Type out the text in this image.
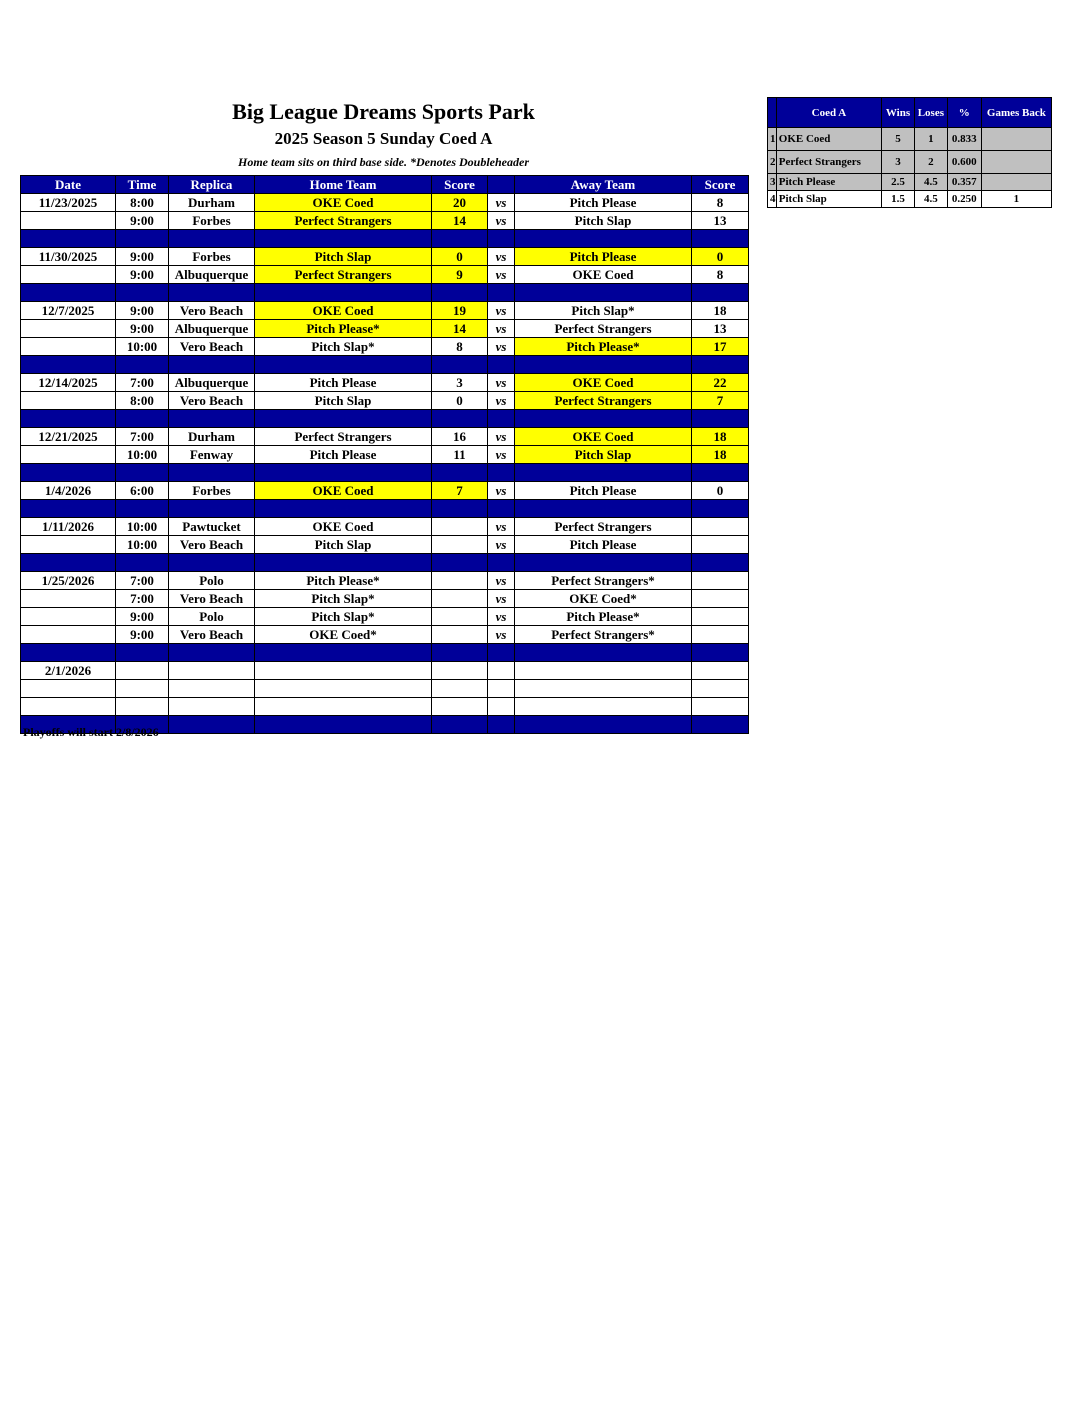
Big League Dreams Sports Park
2025 Season 5 Sunday Coed A
Home team sits on third base side. *Denotes Doubleheader
Date	Time	Replica	Home Team	Score		Away Team	Score
11/23/2025	8:00	Durham	OKE Coed	20	vs	Pitch Please	8
	9:00	Forbes	Perfect Strangers	14	vs	Pitch Slap	13

11/30/2025	9:00	Forbes	Pitch Slap	0	vs	Pitch Please	0
	9:00	Albuquerque	Perfect Strangers	9	vs	OKE Coed	8

12/7/2025	9:00	Vero Beach	OKE Coed	19	vs	Pitch Slap*	18
	9:00	Albuquerque	Pitch Please*	14	vs	Perfect Strangers	13
	10:00	Vero Beach	Pitch Slap*	8	vs	Pitch Please*	17

12/14/2025	7:00	Albuquerque	Pitch Please	3	vs	OKE Coed	22
	8:00	Vero Beach	Pitch Slap	0	vs	Perfect Strangers	7

12/21/2025	7:00	Durham	Perfect Strangers	16	vs	OKE Coed	18
	10:00	Fenway	Pitch Please	11	vs	Pitch Slap	18

1/4/2026	6:00	Forbes	OKE Coed	7	vs	Pitch Please	0

1/11/2026	10:00	Pawtucket	OKE Coed		vs	Perfect Strangers	
	10:00	Vero Beach	Pitch Slap		vs	Pitch Please	

1/25/2026	7:00	Polo	Pitch Please*		vs	Perfect Strangers*	
	7:00	Vero Beach	Pitch Slap*		vs	OKE Coed*	
	9:00	Polo	Pitch Slap*		vs	Pitch Please*	
	9:00	Vero Beach	OKE Coed*		vs	Perfect Strangers*	

2/1/2026							

	Coed A	Wins	Loses	%	Games Back
1	OKE Coed	5	1	0.833	
2	Perfect Strangers	3	2	0.600	
3	Pitch Please	2.5	4.5	0.357	
4	Pitch Slap	1.5	4.5	0.250	1
Playoffs will start 2/8/2026
